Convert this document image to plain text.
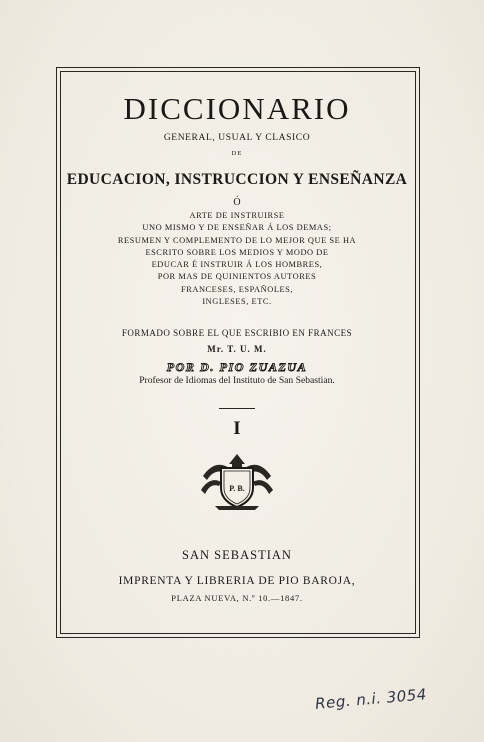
DICCIONARIO
GENERAL, USUAL Y CLASICO
DE
EDUCACION, INSTRUCCION Y ENSEÑANZA
Ó
ARTE DE INSTRUIRSE
UNO MISMO Y DE ENSEÑAR Á LOS DEMAS;
RESUMEN Y COMPLEMENTO DE LO MEJOR QUE SE HA
ESCRITO SOBRE LOS MEDIOS Y MODO DE
EDUCAR É INSTRUIR Á LOS HOMBRES,
POR MAS DE QUINIENTOS AUTORES
FRANCESES, ESPAÑOLES,
INGLESES, ETC.
FORMADO SOBRE EL QUE ESCRIBIO EN FRANCES
Mr. T. U. M.
POR D. PIO ZUAZUA
Profesor de Idiomas del Instituto de San Sebastian.
I
P. B.
SAN SEBASTIAN
IMPRENTA Y LIBRERIA DE PIO BAROJA,
PLAZA NUEVA, N.º 10.—1847.
Reg. n.i. 3054
